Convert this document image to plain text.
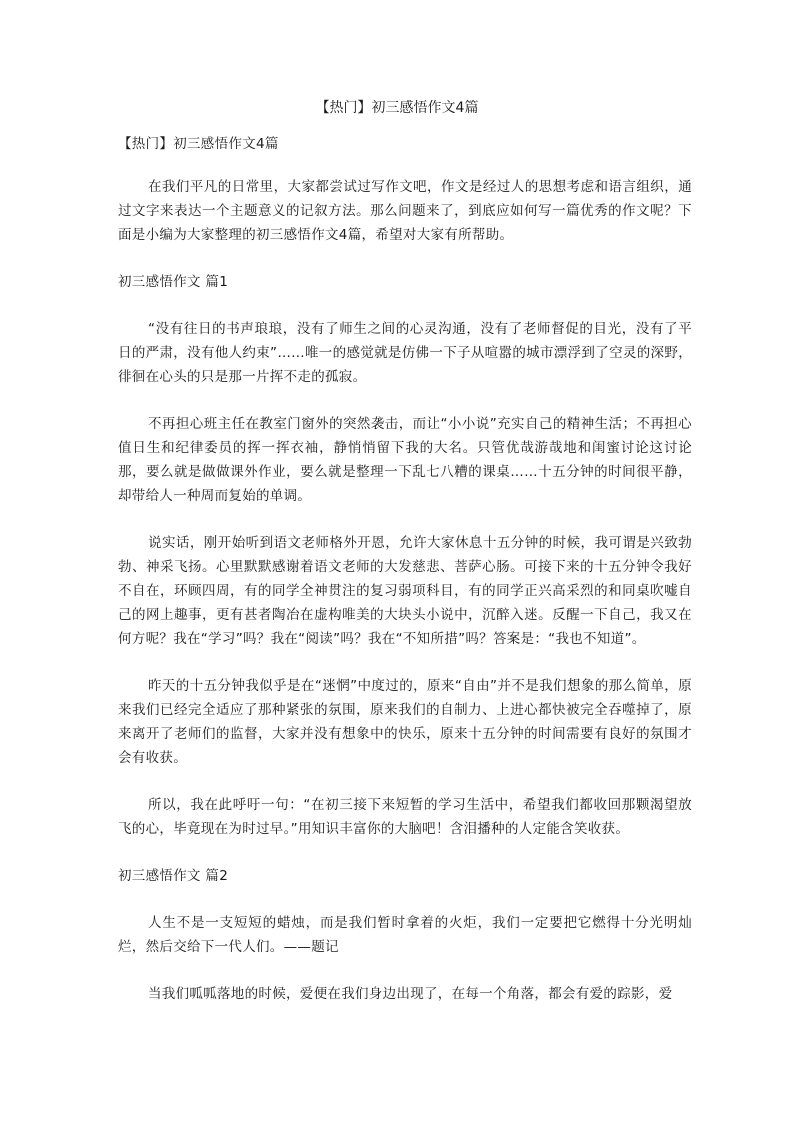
【热门】初三感悟作文4篇

【热门】初三感悟作文4篇

在我们平凡的日常里，大家都尝试过写作文吧，作文是经过人的思想考虑和语言组织，通过文字来表达一个主题意义的记叙方法。那么问题来了，到底应如何写一篇优秀的作文呢？下面是小编为大家整理的初三感悟作文4篇，希望对大家有所帮助。

初三感悟作文 篇1

“没有往日的书声琅琅，没有了师生之间的心灵沟通，没有了老师督促的目光，没有了平日的严肃，没有他人约束”……唯一的感觉就是仿佛一下子从喧嚣的城市漂浮到了空灵的深野，徘徊在心头的只是那一片挥不走的孤寂。

不再担心班主任在教室门窗外的突然袭击，而让“小小说”充实自己的精神生活；不再担心值日生和纪律委员的挥一挥衣袖，静悄悄留下我的大名。只管优哉游哉地和闺蜜讨论这讨论那，要么就是做做课外作业，要么就是整理一下乱七八糟的课桌……十五分钟的时间很平静，却带给人一种周而复始的单调。

说实话，刚开始听到语文老师格外开恩，允许大家休息十五分钟的时候，我可谓是兴致勃勃、神采飞扬。心里默默感谢着语文老师的大发慈悲、菩萨心肠。可接下来的十五分钟令我好不自在，环顾四周，有的同学全神贯注的复习弱项科目，有的同学正兴高采烈的和同桌吹嘘自己的网上趣事，更有甚者陶冶在虚构唯美的大块头小说中，沉醉入迷。反醒一下自己，我又在何方呢？我在“学习”吗？我在“阅读”吗？我在“不知所措”吗？答案是：“我也不知道”。

昨天的十五分钟我似乎是在“迷惘”中度过的，原来“自由”并不是我们想象的那么简单，原来我们已经完全适应了那种紧张的氛围，原来我们的自制力、上进心都快被完全吞噬掉了，原来离开了老师们的监督，大家并没有想象中的快乐，原来十五分钟的时间需要有良好的氛围才会有收获。

所以，我在此呼吁一句：“在初三接下来短暂的学习生活中，希望我们都收回那颗渴望放飞的心，毕竟现在为时过早。”用知识丰富你的大脑吧！含泪播种的人定能含笑收获。

初三感悟作文 篇2

人生不是一支短短的蜡烛，而是我们暂时拿着的火炬，我们一定要把它燃得十分光明灿烂，然后交给下一代人们。——题记

当我们呱呱落地的时候，爱便在我们身边出现了，在每一个角落，都会有爱的踪影，爱
